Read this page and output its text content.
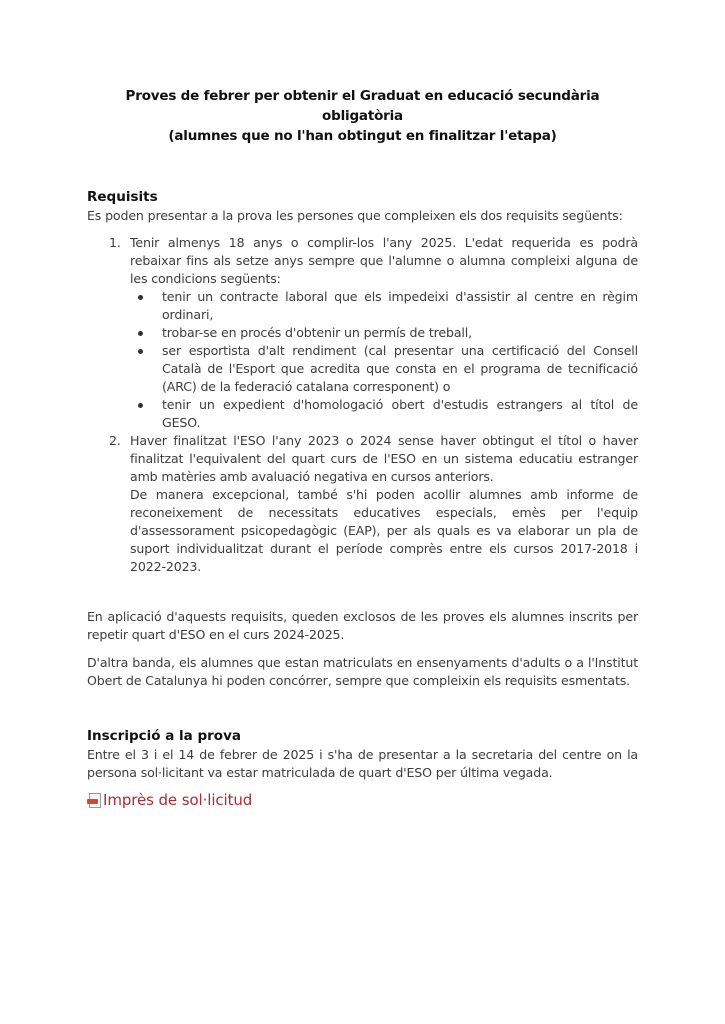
Proves de febrer per obtenir el Graduat en educació secundària obligatòria
(alumnes que no l'han obtingut en finalitzar l'etapa)
Requisits

Es poden presentar a la prova les persones que compleixen els dos requisits següents:

1. Tenir almenys 18 anys o complir-los l'any 2025. L'edat requerida es podrà rebaixar fins als setze anys sempre que l'alumne o alumna compleixi alguna de les condicions següents:
tenir un contracte laboral que els impedeixi d'assistir al centre en règim ordinari,
trobar-se en procés d'obtenir un permís de treball,
ser esportista d'alt rendiment (cal presentar una certificació del Consell Català de l'Esport que acredita que consta en el programa de tecnificació (ARC) de la federació catalana corresponent) o
tenir un expedient d'homologació obert d'estudis estrangers al títol de GESO.
2. Haver finalitzat l'ESO l'any 2023 o 2024 sense haver obtingut el títol o haver finalitzat l'equivalent del quart curs de l'ESO en un sistema educatiu estranger amb matèries amb avaluació negativa en cursos anteriors.
De manera excepcional, també s'hi poden acollir alumnes amb informe de reconeixement de necessitats educatives especials, emès per l'equip d'assessorament psicopedagògic (EAP), per als quals es va elaborar un pla de suport individualitzat durant el període comprès entre els cursos 2017-2018 i 2022-2023.

En aplicació d'aquests requisits, queden exclosos de les proves els alumnes inscrits per repetir quart d'ESO en el curs 2024-2025.

D'altra banda, els alumnes que estan matriculats en ensenyaments d'adults o a l'Institut Obert de Catalunya hi poden concórrer, sempre que compleixin els requisits esmentats.

Inscripció a la prova

Entre el 3 i el 14 de febrer de 2025 i s'ha de presentar a la secretaria del centre on la persona sol·licitant va estar matriculada de quart d'ESO per última vegada.

Imprès de sol·licitud
